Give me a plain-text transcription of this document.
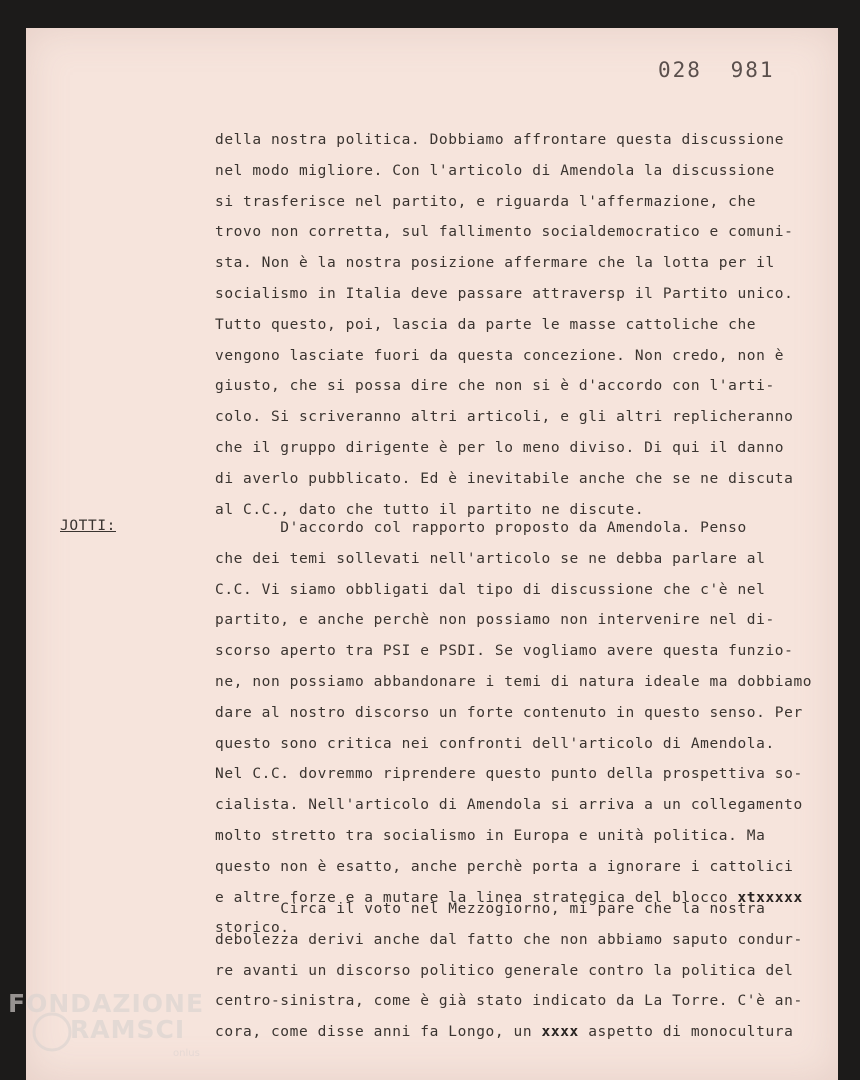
028 981
della nostra politica. Dobbiamo affrontare questa discussione
nel modo migliore. Con l'articolo di Amendola la discussione
si trasferisce nel partito, e riguarda l'affermazione, che
trovo non corretta, sul fallimento socialdemocratico e comuni-
sta. Non è la nostra posizione affermare che la lotta per il
socialismo in Italia deve passare attraversp il Partito unico.
Tutto questo, poi, lascia da parte le masse cattoliche che
vengono lasciate fuori da questa concezione. Non credo, non è
giusto, che si possa dire che non si è d'accordo con l'arti-
colo. Si scriveranno altri articoli, e gli altri replicheranno
che il gruppo dirigente è per lo meno diviso. Di qui il danno
di averlo pubblicato. Ed è inevitabile anche che se ne discuta
al C.C., dato che tutto il partito ne discute.
JOTTI:	D'accordo col rapporto proposto da Amendola. Penso
che dei temi sollevati nell'articolo se ne debba parlare al
C.C. Vi siamo obbligati dal tipo di discussione che c'è nel
partito, e anche perchè non possiamo non intervenire nel di-
scorso aperto tra PSI e PSDI. Se vogliamo avere questa funzio-
ne, non possiamo abbandonare i temi di natura ideale ma dobbiamo
dare al nostro discorso un forte contenuto in questo senso. Per
questo sono critica nei confronti dell'articolo di Amendola.
Nel C.C. dovremmo riprendere questo punto della prospettiva so-
cialista. Nell'articolo di Amendola si arriva a un collegamento
molto stretto tra socialismo in Europa e unità politica. Ma
questo non è esatto, anche perchè porta a ignorare i cattolici
e altre forze e a mutare la linea strategica del blocco xtxxxxx
storico.
Circa il voto nel Mezzogiorno, mi pare che la nostra
debolezza derivi anche dal fatto che non abbiamo saputo condur-
re avanti un discorso politico generale contro la politica del
centro-sinistra, come è già stato indicato da La Torre. C'è an-
cora, come disse anni fa Longo, un xxxx aspetto di monocultura
FONDAZIONE
RAMSCI
onlus
